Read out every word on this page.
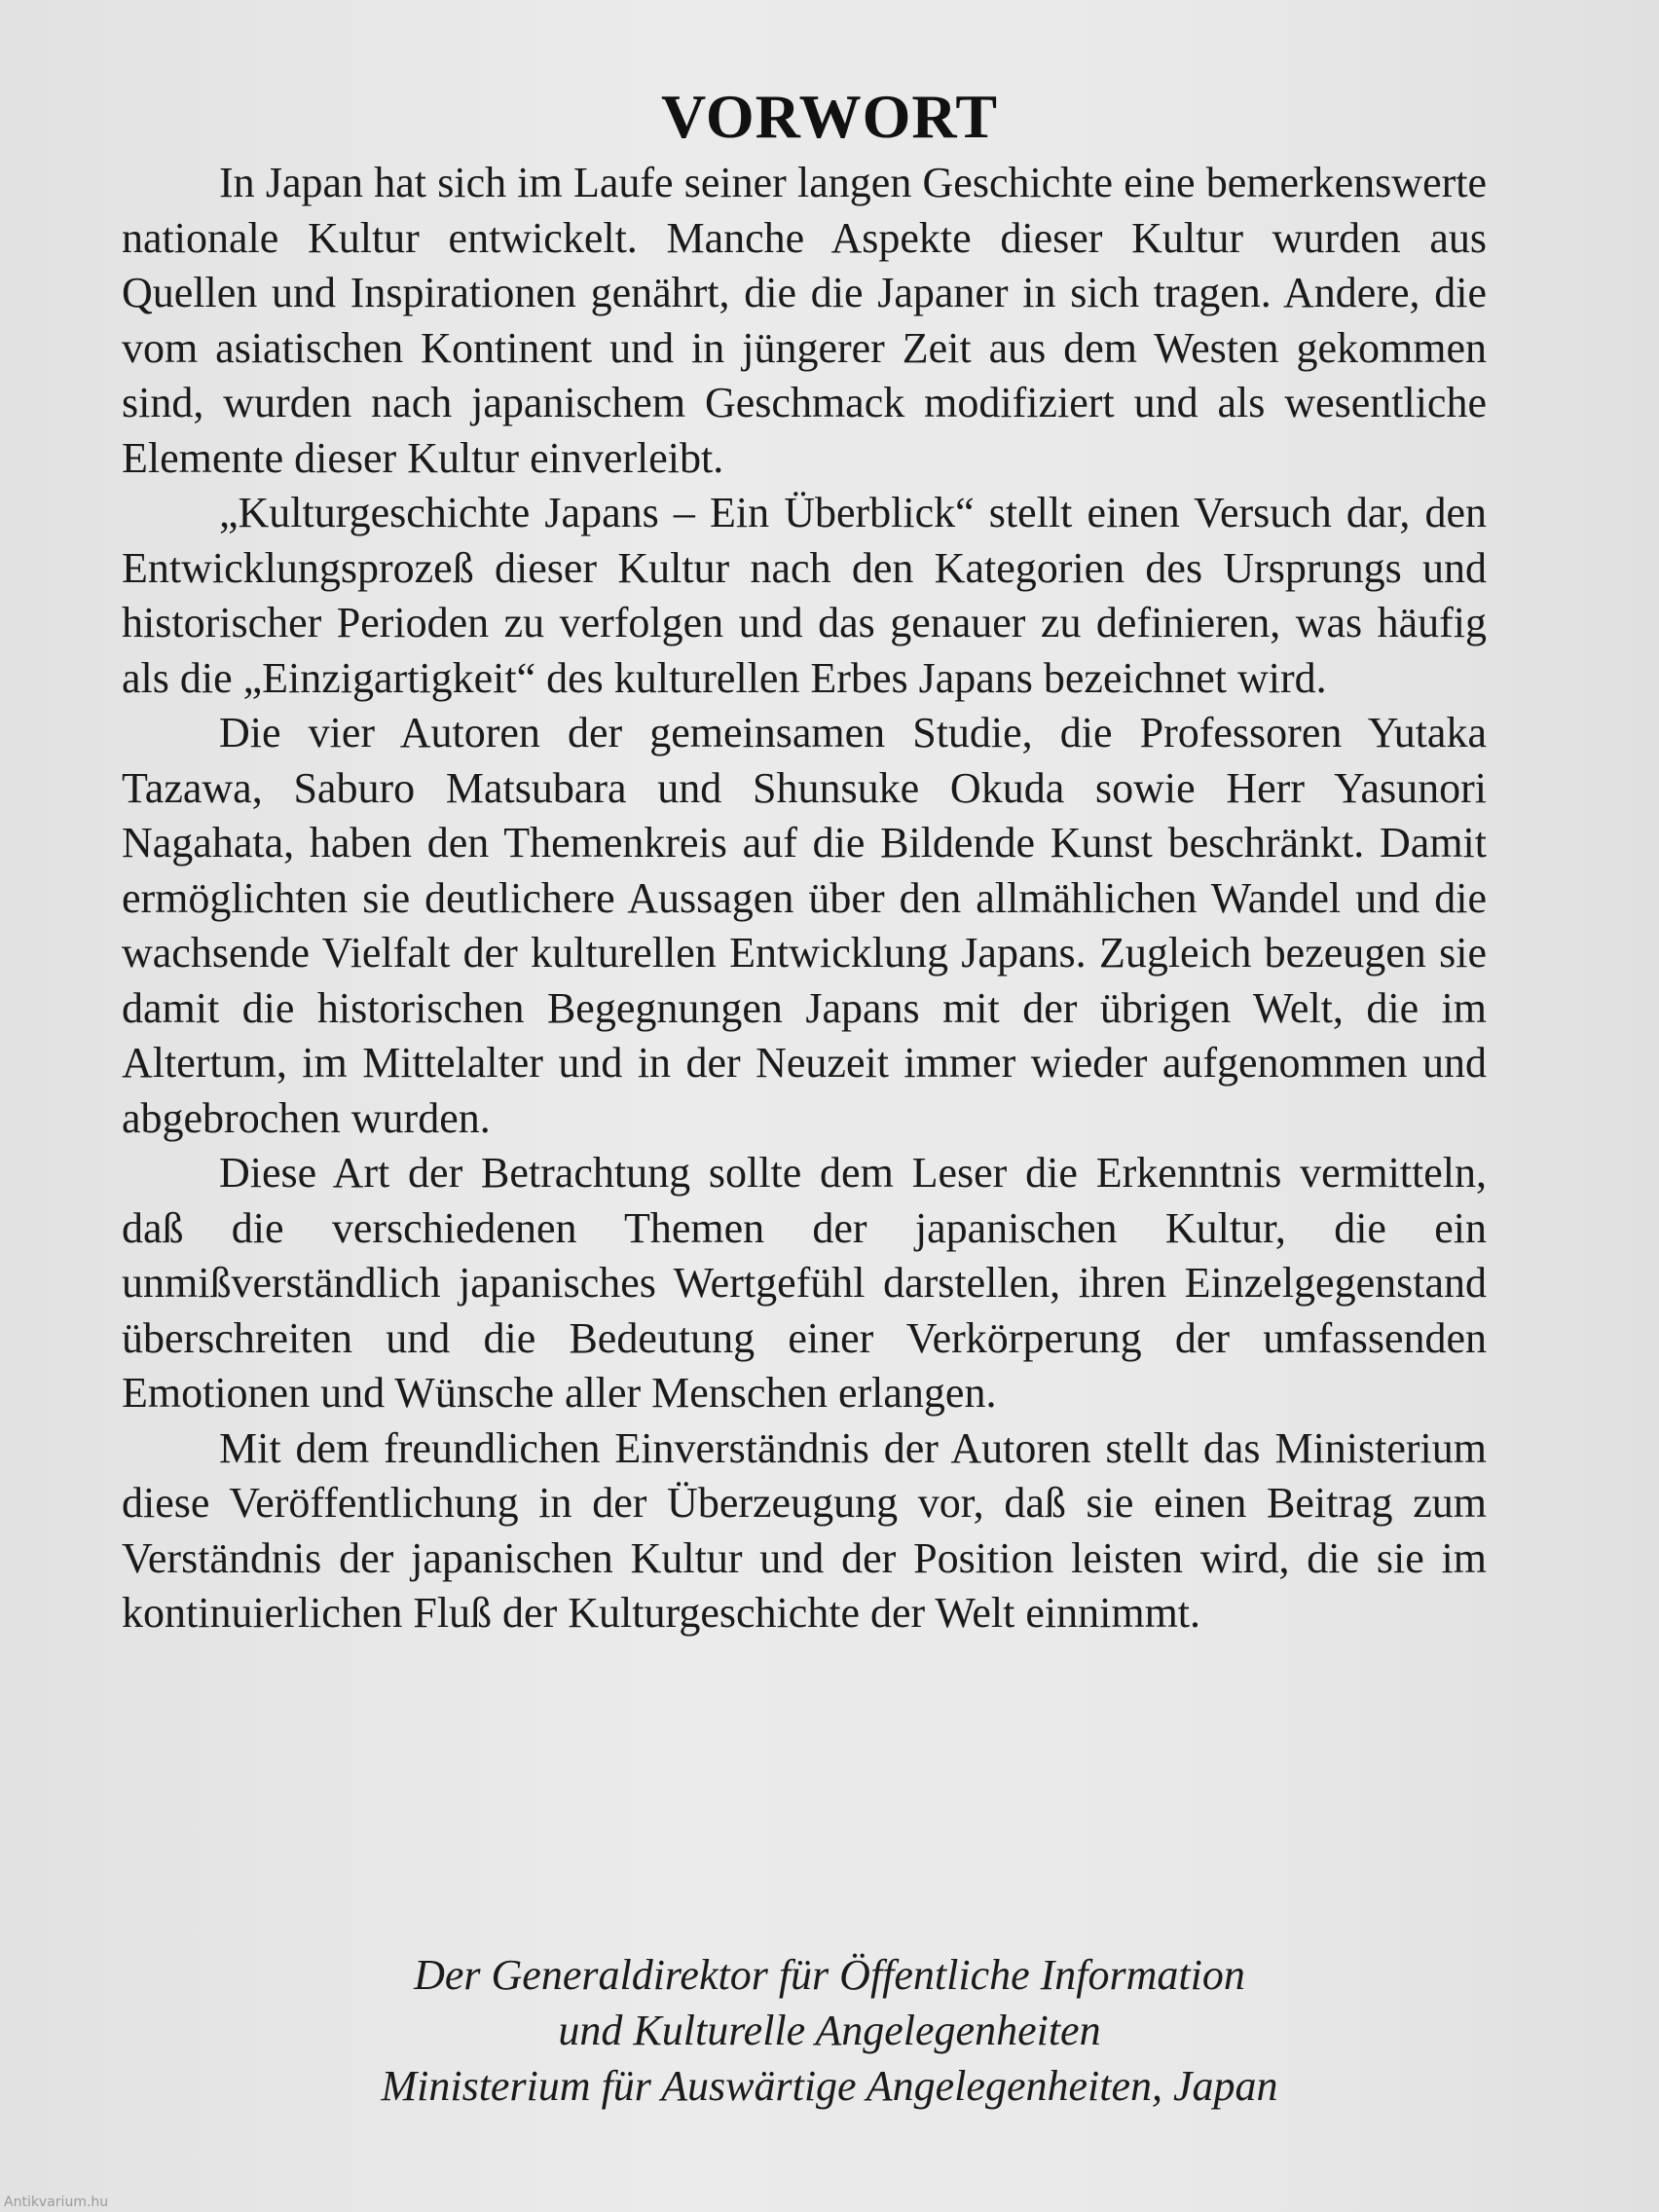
VORWORT

In Japan hat sich im Laufe seiner langen Geschichte eine bemerkenswerte nationale Kultur entwickelt. Manche Aspekte dieser Kultur wurden aus Quellen und Inspirationen genährt, die die Japaner in sich tragen. Andere, die vom asiatischen Kontinent und in jüngerer Zeit aus dem Westen gekommen sind, wurden nach japanischem Geschmack modifiziert und als wesentliche Elemente dieser Kultur einverleibt.

„Kulturgeschichte Japans – Ein Überblick“ stellt einen Versuch dar, den Entwicklungsprozeß dieser Kultur nach den Kategorien des Ursprungs und historischer Perioden zu verfolgen und das genauer zu definieren, was häufig als die „Einzigartigkeit“ des kulturellen Erbes Japans bezeichnet wird.

Die vier Autoren der gemeinsamen Studie, die Professoren Yutaka Tazawa, Saburo Matsubara und Shunsuke Okuda sowie Herr Yasunori Nagahata, haben den Themenkreis auf die Bildende Kunst beschränkt. Damit ermöglichten sie deutlichere Aussagen über den allmählichen Wandel und die wachsende Vielfalt der kulturellen Entwicklung Japans. Zugleich bezeugen sie damit die historischen Begegnungen Japans mit der übrigen Welt, die im Altertum, im Mittelalter und in der Neuzeit immer wieder aufgenommen und abgebrochen wurden.

Diese Art der Betrachtung sollte dem Leser die Erkenntnis vermitteln, daß die verschiedenen Themen der japanischen Kultur, die ein unmißverständlich japanisches Wertgefühl darstellen, ihren Einzelgegenstand überschreiten und die Bedeutung einer Verkörperung der umfassenden Emotionen und Wünsche aller Menschen erlangen.

Mit dem freundlichen Einverständnis der Autoren stellt das Ministerium diese Veröffentlichung in der Überzeugung vor, daß sie einen Beitrag zum Verständnis der japanischen Kultur und der Position leisten wird, die sie im kontinuierlichen Fluß der Kulturgeschichte der Welt einnimmt.

Der Generaldirektor für Öffentliche Information
und Kulturelle Angelegenheiten
Ministerium für Auswärtige Angelegenheiten, Japan
Antikvarium.hu
